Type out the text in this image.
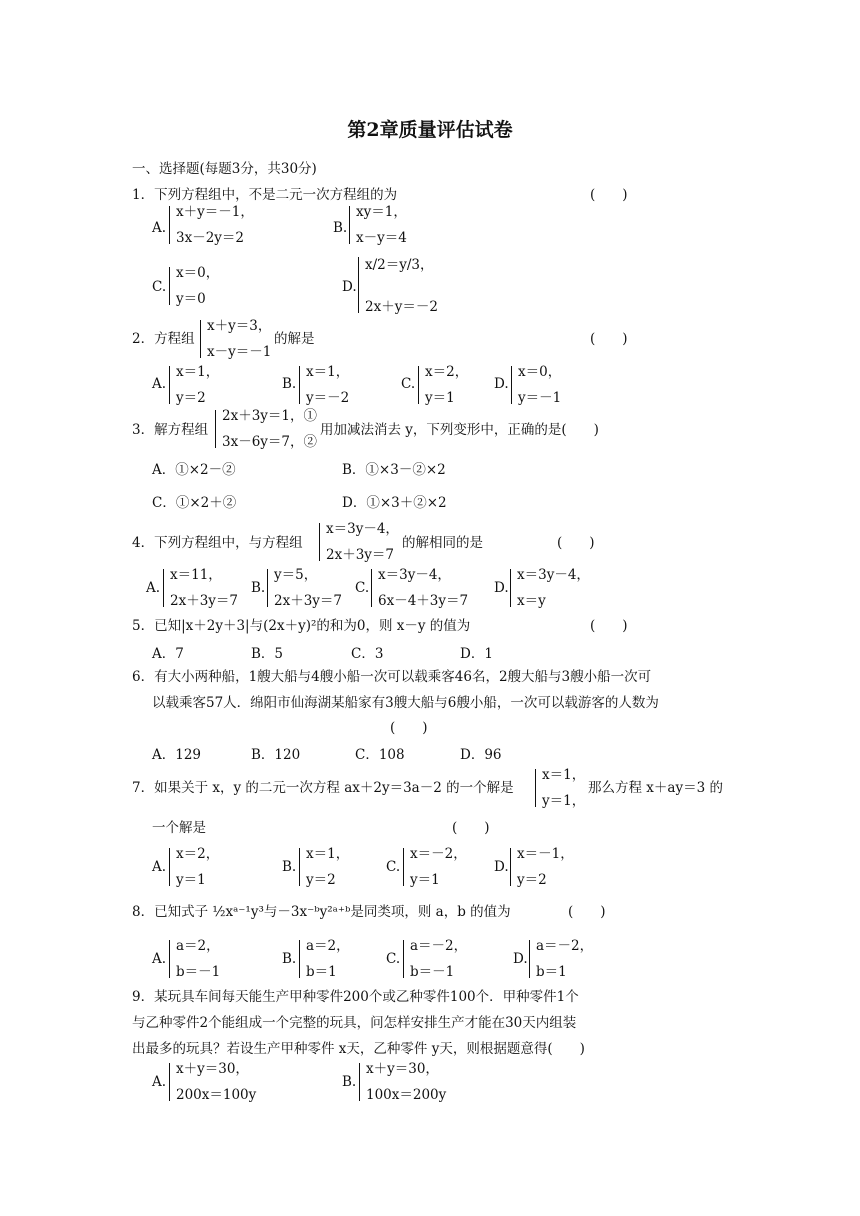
第2章质量评估试卷
一、选择题(每题3分，共30分)
1．下列方程组中，不是二元一次方程组的为	(　　)
A.
x＋y＝－1，
3x－2y＝2
B.
xy＝1，
x－y＝4
C.
x＝0，
y＝0
D.
x/2＝y/3，
2x＋y＝－2
2．方程组
x＋y＝3，
x－y＝－1
的解是	(　　)
A.
x＝1，
y＝2
B.
x＝1，
y＝－2
C.
x＝2，
y＝1
D.
x＝0，
y＝－1
3．解方程组
2x＋3y＝1，①
3x－6y＝7，②
用加减法消去 y，下列变形中，正确的是(　　)
A．①×2－②	B．①×3－②×2
C．①×2＋②	D．①×3＋②×2
4．下列方程组中，与方程组
x＝3y－4，
2x＋3y＝7
的解相同的是	(　　)
A.
x＝11，
2x＋3y＝7
B.
y＝5，
2x＋3y＝7
C.
x＝3y－4，
6x－4＋3y＝7
D.
x＝3y－4，
x＝y
5．已知|x＋2y＋3|与(2x＋y)²的和为0，则 x－y 的值为	(　　)
A．7	B．5	C．3	D．1
6．有大小两种船，1艘大船与4艘小船一次可以载乘客46名，2艘大船与3艘小船一次可
以载乘客57人．绵阳市仙海湖某船家有3艘大船与6艘小船，一次可以载游客的人数为
(　　)
A．129	B．120	C．108	D．96
7．如果关于 x，y 的二元一次方程 ax＋2y＝3a－2 的一个解是
x＝1，
y＝1，
那么方程 x＋ay＝3 的
一个解是	(　　)
A.
x＝2，
y＝1
B.
x＝1，
y＝2
C.
x＝－2，
y＝1
D.
x＝－1，
y＝2
8．已知式子 ½xᵃ⁻¹y³与－3x⁻ᵇy²ᵃ⁺ᵇ是同类项，则 a，b 的值为	(　　)
A.
a＝2，
b＝－1
B.
a＝2，
b＝1
C.
a＝－2，
b＝－1
D.
a＝－2，
b＝1
9．某玩具车间每天能生产甲种零件200个或乙种零件100个．甲种零件1个
与乙种零件2个能组成一个完整的玩具，问怎样安排生产才能在30天内组装
出最多的玩具？若设生产甲种零件 x天，乙种零件 y天，则根据题意得(　　)
A.
x＋y＝30，
200x＝100y
B.
x＋y＝30，
100x＝200y
